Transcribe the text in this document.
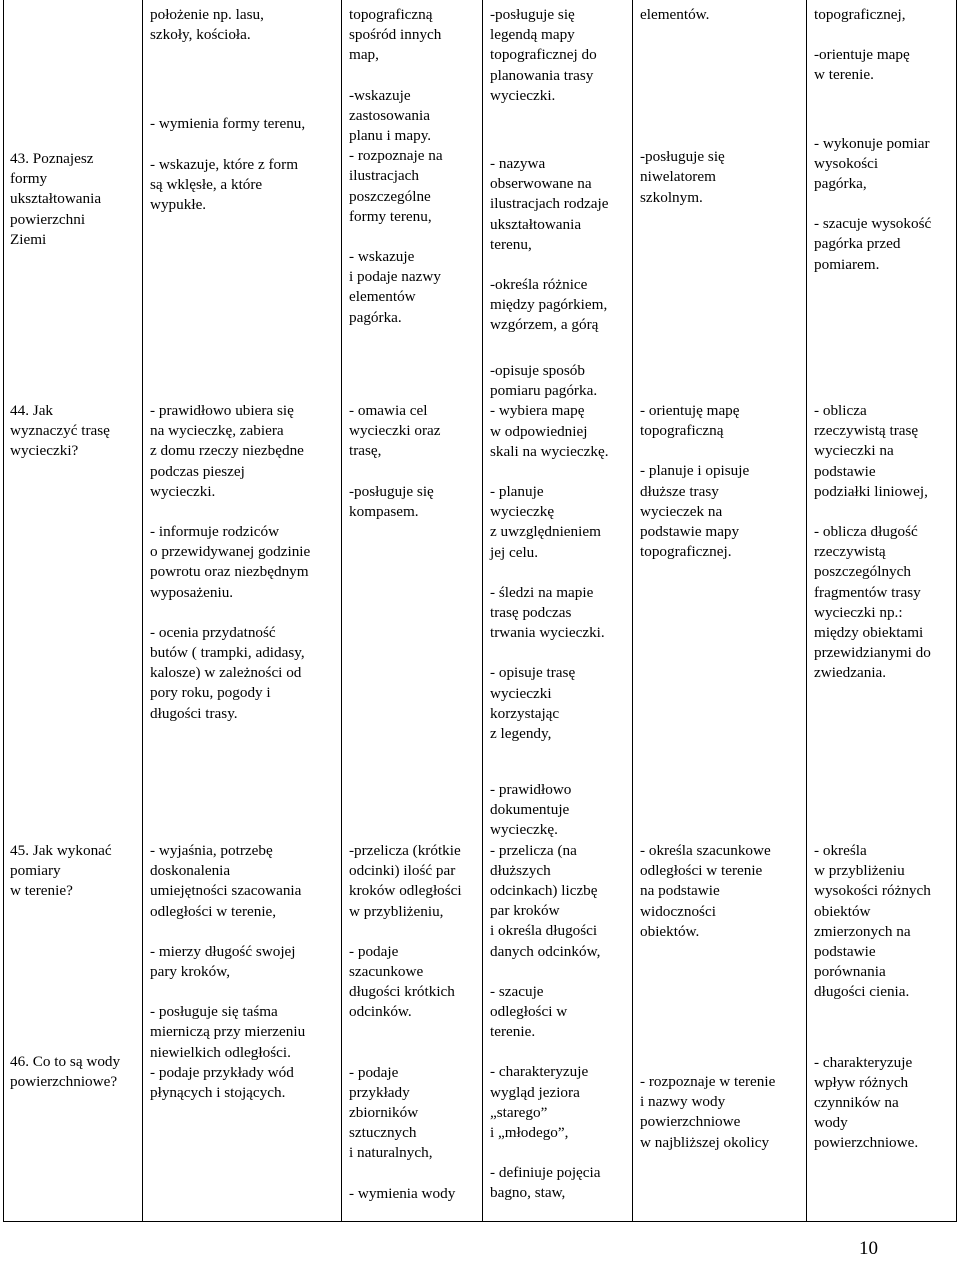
43. Poznajesz
formy
ukształtowania
powierzchni
Ziemi

położenie np. lasu,
szkoły, kościoła.

- wymienia formy terenu,

- wskazuje, które z form
są wklęsłe, a które
wypukłe.

topograficzną
spośród innych
map,

-wskazuje
zastosowania
planu i mapy.

- rozpoznaje na
ilustracjach
poszczególne
formy terenu,

- wskazuje
i podaje nazwy
elementów
pagórka.

-posługuje się
legendą mapy
topograficznej do
planowania trasy
wycieczki.

- nazywa
obserwowane na
ilustracjach rodzaje
ukształtowania
terenu,

-określa różnice
między pagórkiem,
wzgórzem, a górą

elementów.

-posługuje się
niwelatorem
szkolnym.

topograficznej,

-orientuje mapę
w terenie.

- wykonuje pomiar
wysokości
pagórka,

- szacuje wysokość
pagórka przed
pomiarem.

44. Jak
wyznaczyć trasę
wycieczki?

- prawidłowo ubiera się
na wycieczkę, zabiera
z domu rzeczy niezbędne
podczas pieszej
wycieczki.

- informuje rodziców
o przewidywanej godzinie
powrotu oraz niezbędnym
wyposażeniu.

- ocenia przydatność
butów ( trampki, adidasy,
kalosze) w zależności od
pory roku, pogody i
długości trasy.

- omawia cel
wycieczki oraz
trasę,

-posługuje się
kompasem.

-opisuje sposób
pomiaru pagórka.
- wybiera mapę
w odpowiedniej
skali na wycieczkę.

- planuje
wycieczkę
z uwzględnieniem
jej celu.

- śledzi na mapie
trasę podczas
trwania wycieczki.

- opisuje trasę
wycieczki
korzystając
z legendy,

- orientuję mapę
topograficzną

- planuje i opisuje
dłuższe trasy
wycieczek na
podstawie mapy
topograficznej.

- oblicza
rzeczywistą trasę
wycieczki na
podstawie
podziałki liniowej,

- oblicza długość
rzeczywistą
poszczególnych
fragmentów trasy
wycieczki np.:
między obiektami
przewidzianymi do
zwiedzania.

45. Jak wykonać
pomiary
w terenie?

46. Co to są wody
powierzchniowe?

- wyjaśnia, potrzebę
doskonalenia
umiejętności szacowania
odległości w terenie,

- mierzy długość swojej
pary kroków,

- posługuje się taśma
mierniczą przy mierzeniu
niewielkich odległości.
- podaje przykłady wód
płynących i stojących.

-przelicza (krótkie
odcinki) ilość par
kroków odległości
w przybliżeniu,

- podaje
szacunkowe
długości krótkich
odcinków.

- podaje
przykłady
zbiorników
sztucznych
i naturalnych,

- wymienia wody

- prawidłowo
dokumentuje
wycieczkę.
- przelicza (na
dłuższych
odcinkach) liczbę
par kroków
i określa długości
danych odcinków,

- szacuje
odległości w
terenie.

- charakteryzuje
wygląd jeziora
„starego”
i „młodego”,

- definiuje pojęcia
bagno, staw,

- określa szacunkowe
odległości w terenie
na podstawie
widoczności
obiektów.

- rozpoznaje w terenie
i nazwy wody
powierzchniowe
w najbliższej okolicy

- określa
w przybliżeniu
wysokości różnych
obiektów
zmierzonych na
podstawie
porównania
długości cienia.

- charakteryzuje
wpływ różnych
czynników na
wody
powierzchniowe.

10
